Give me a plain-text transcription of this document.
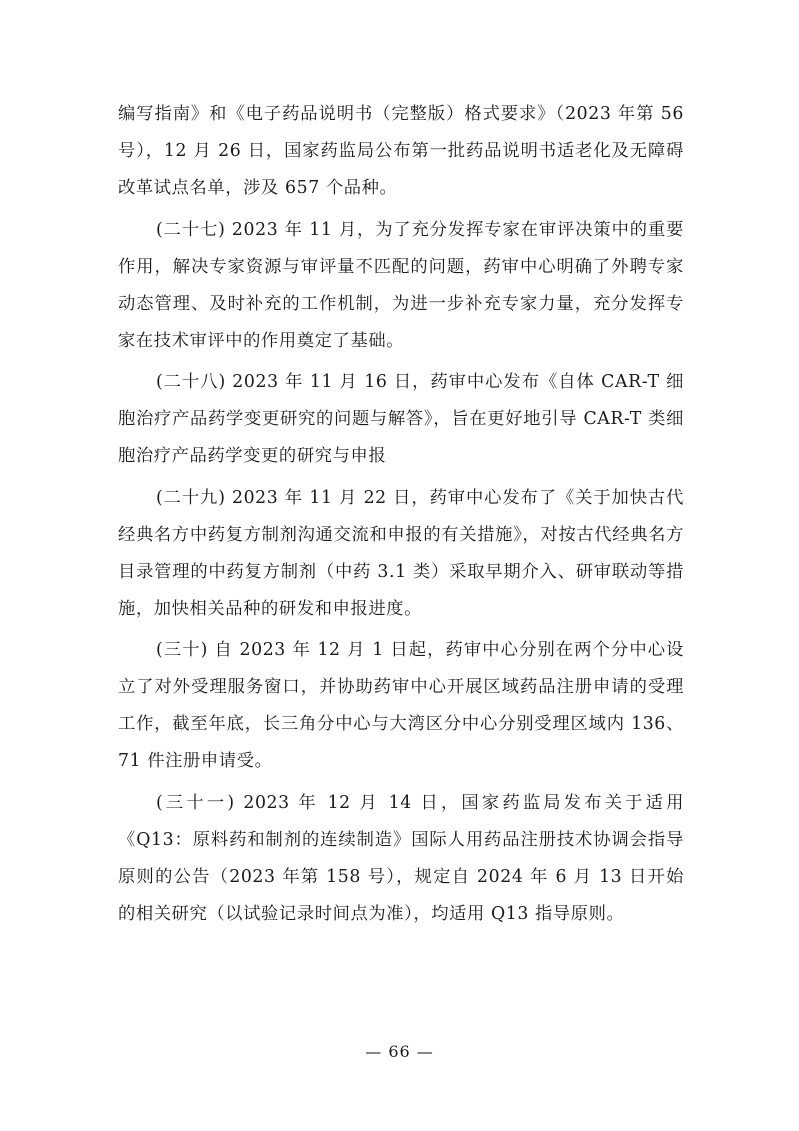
编写指南》和《电子药品说明书（完整版）格式要求》（2023 年第 56 号），12 月 26 日，国家药监局公布第一批药品说明书适老化及无障碍改革试点名单，涉及 657 个品种。

(二十七) 2023 年 11 月，为了充分发挥专家在审评决策中的重要作用，解决专家资源与审评量不匹配的问题，药审中心明确了外聘专家动态管理、及时补充的工作机制，为进一步补充专家力量，充分发挥专家在技术审评中的作用奠定了基础。

(二十八) 2023 年 11 月 16 日，药审中心发布《自体 CAR-T 细胞治疗产品药学变更研究的问题与解答》，旨在更好地引导 CAR-T 类细胞治疗产品药学变更的研究与申报

(二十九) 2023 年 11 月 22 日，药审中心发布了《关于加快古代经典名方中药复方制剂沟通交流和申报的有关措施》，对按古代经典名方目录管理的中药复方制剂（中药 3.1 类）采取早期介入、研审联动等措施，加快相关品种的研发和申报进度。

(三十) 自 2023 年 12 月 1 日起，药审中心分别在两个分中心设立了对外受理服务窗口，并协助药审中心开展区域药品注册申请的受理工作，截至年底，长三角分中心与大湾区分中心分别受理区域内 136、71 件注册申请受。

(三十一) 2023 年 12 月 14 日，国家药监局发布关于适用《Q13：原料药和制剂的连续制造》国际人用药品注册技术协调会指导原则的公告（2023 年第 158 号），规定自 2024 年 6 月 13 日开始的相关研究（以试验记录时间点为准），均适用 Q13 指导原则。

— 66 —
